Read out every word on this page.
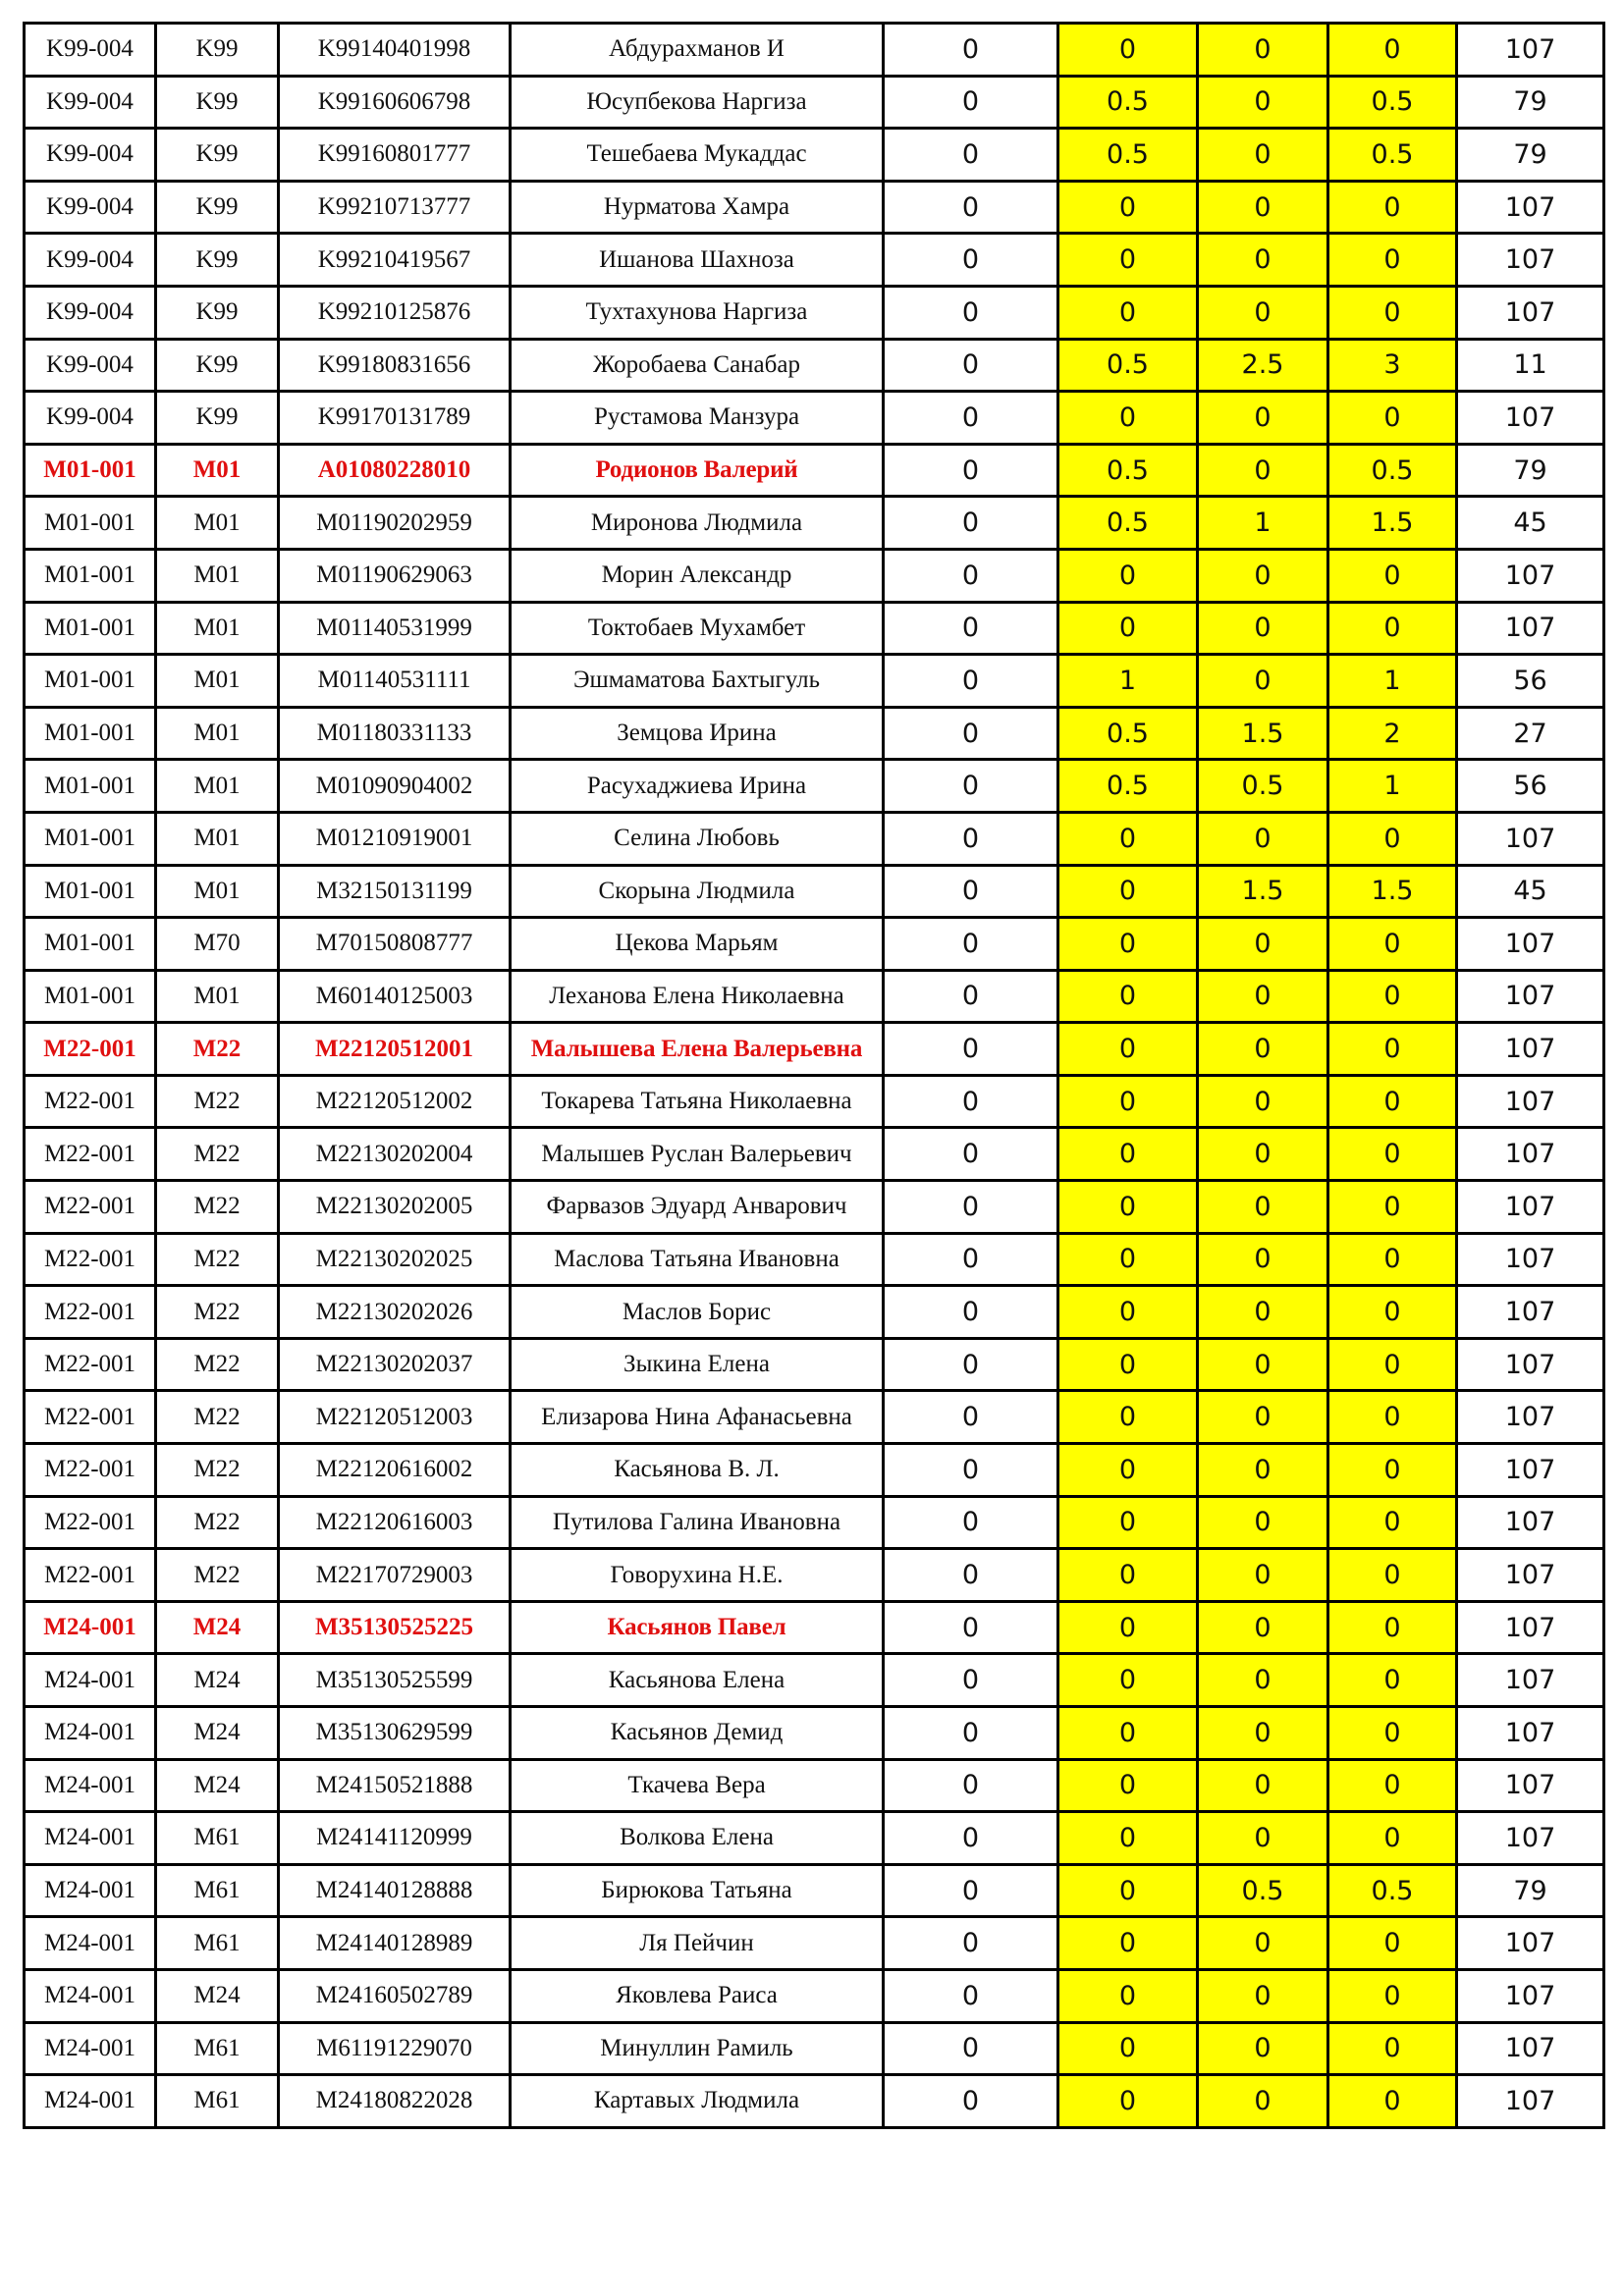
K99-004	K99	K99140401998	Абдурахманов И	0	0	0	0	107
K99-004	K99	K99160606798	Юсупбекова Наргиза	0	0.5	0	0.5	79
K99-004	K99	K99160801777	Тешебаева Мукаддас	0	0.5	0	0.5	79
K99-004	K99	K99210713777	Нурматова Хамра	0	0	0	0	107
K99-004	K99	K99210419567	Ишанова Шахноза	0	0	0	0	107
K99-004	K99	K99210125876	Тухтахунова Наргиза	0	0	0	0	107
K99-004	K99	K99180831656	Жоробаева Санабар	0	0.5	2.5	3	11
K99-004	K99	K99170131789	Рустамова Манзура	0	0	0	0	107
M01-001	M01	A01080228010	Родионов Валерий	0	0.5	0	0.5	79
M01-001	M01	M01190202959	Миронова Людмила	0	0.5	1	1.5	45
M01-001	M01	M01190629063	Морин Александр	0	0	0	0	107
M01-001	M01	M01140531999	Токтобаев Мухамбет	0	0	0	0	107
M01-001	M01	M01140531111	Эшмаматова Бахтыгуль	0	1	0	1	56
M01-001	M01	M01180331133	Земцова Ирина	0	0.5	1.5	2	27
M01-001	M01	M01090904002	Расухаджиева Ирина	0	0.5	0.5	1	56
M01-001	M01	M01210919001	Селина Любовь	0	0	0	0	107
M01-001	M01	M32150131199	Скорына Людмила	0	0	1.5	1.5	45
M01-001	M70	M70150808777	Цекова Марьям	0	0	0	0	107
M01-001	M01	M60140125003	Леханова Елена Николаевна	0	0	0	0	107
M22-001	M22	M22120512001	Малышева Елена Валерьевна	0	0	0	0	107
M22-001	M22	M22120512002	Токарева Татьяна Николаевна	0	0	0	0	107
M22-001	M22	M22130202004	Малышев Руслан Валерьевич	0	0	0	0	107
M22-001	M22	M22130202005	Фарвазов Эдуард Анварович	0	0	0	0	107
M22-001	M22	M22130202025	Маслова Татьяна Ивановна	0	0	0	0	107
M22-001	M22	M22130202026	Маслов Борис	0	0	0	0	107
M22-001	M22	M22130202037	Зыкина Елена	0	0	0	0	107
M22-001	M22	M22120512003	Елизарова Нина Афанасьевна	0	0	0	0	107
M22-001	M22	M22120616002	Касьянова В. Л.	0	0	0	0	107
M22-001	M22	M22120616003	Путилова Галина Ивановна	0	0	0	0	107
M22-001	M22	M22170729003	Говорухина Н.Е.	0	0	0	0	107
M24-001	M24	M35130525225	Касьянов Павел	0	0	0	0	107
M24-001	M24	M35130525599	Касьянова Елена	0	0	0	0	107
M24-001	M24	M35130629599	Касьянов Демид	0	0	0	0	107
M24-001	M24	M24150521888	Ткачева Вера	0	0	0	0	107
M24-001	M61	M24141120999	Волкова Елена	0	0	0	0	107
M24-001	M61	M24140128888	Бирюкова Татьяна	0	0	0.5	0.5	79
M24-001	M61	M24140128989	Ля Пейчин	0	0	0	0	107
M24-001	M24	M24160502789	Яковлева Раиса	0	0	0	0	107
M24-001	M61	M61191229070	Минуллин Рамиль	0	0	0	0	107
M24-001	M61	M24180822028	Картавых Людмила	0	0	0	0	107
